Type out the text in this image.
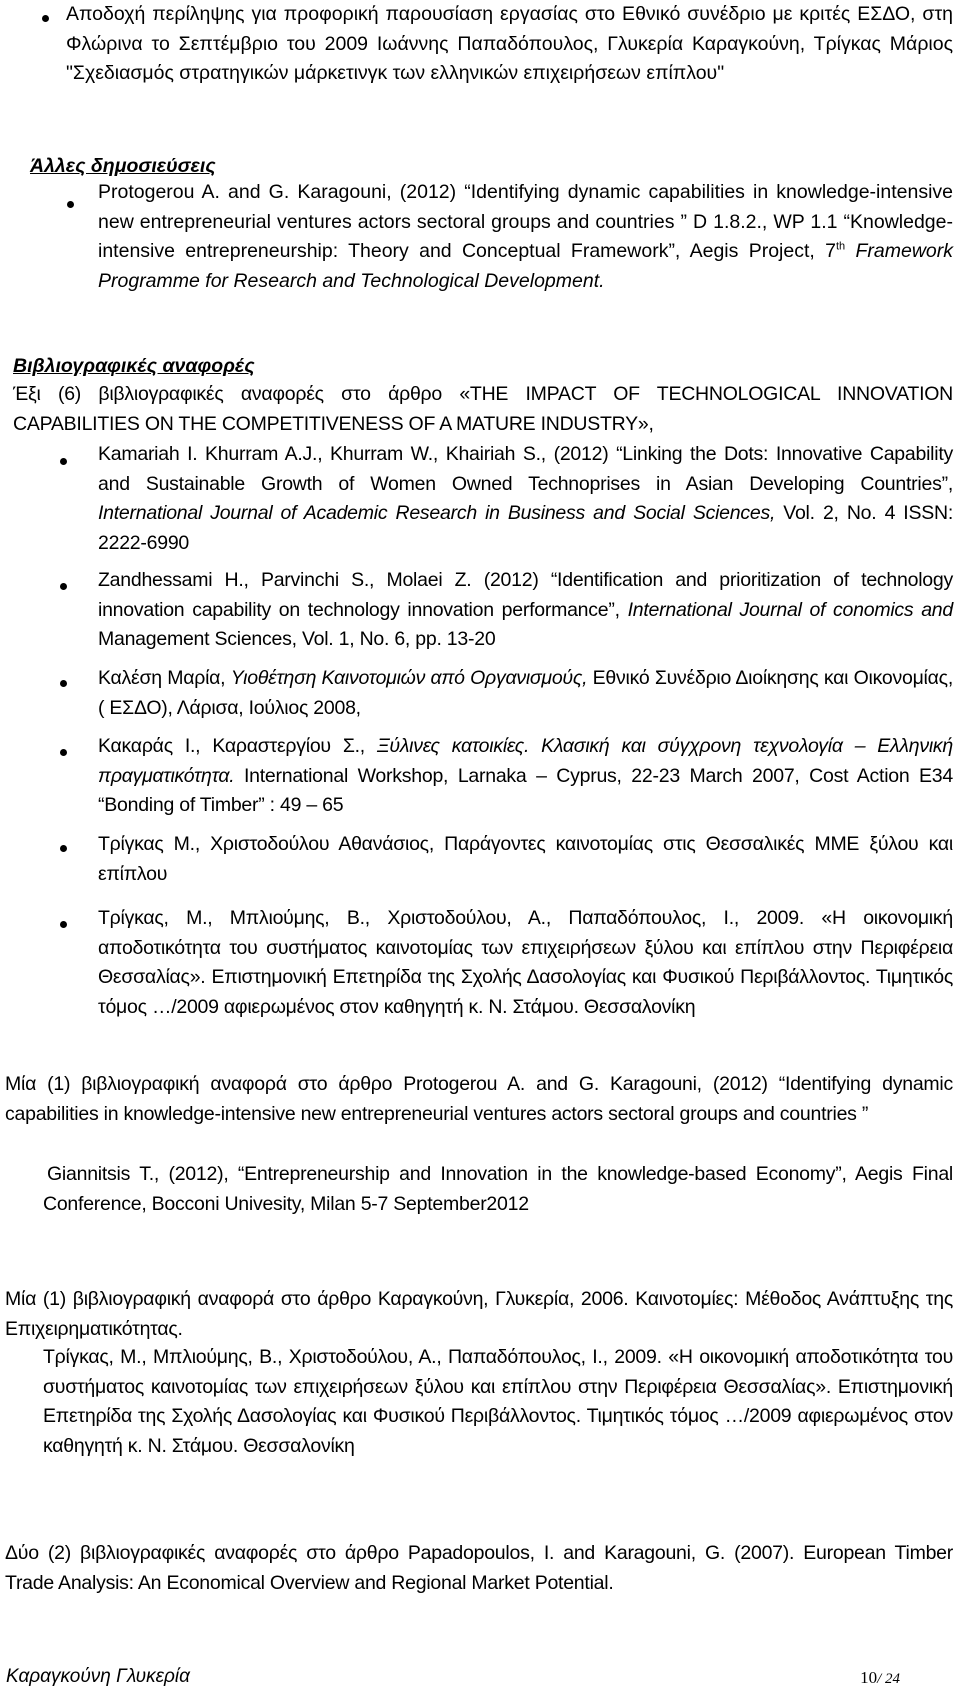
Αποδοχή περίληψης για προφορική παρουσίαση εργασίας στο Εθνικό συνέδριο με κριτές ΕΣΔΟ, στη Φλώρινα το Σεπτέμβριο του 2009 Ιωάννης Παπαδόπουλος, Γλυκερία Καραγκούνη, Τρίγκας Μάριος "Σχεδιασμός στρατηγικών μάρκετινγκ των ελληνικών επιχειρήσεων επίπλου"

Άλλες δημοσιεύσεις

Protogerou A. and G. Karagouni, (2012) “Identifying dynamic capabilities in knowledge-intensive new entrepreneurial ventures actors sectoral groups and countries ” D 1.8.2., WP 1.1 “Knowledge-intensive entrepreneurship: Theory and Conceptual Framework”, Aegis Project, 7th Framework Programme for Research and Technological Development.

Βιβλιογραφικές αναφορές

Έξι (6) βιβλιογραφικές αναφορές στο άρθρο «THE IMPACT OF TECHNOLOGICAL INNOVATION CAPABILITIES ON THE COMPETITIVENESS OF A MATURE INDUSTRY»,

Kamariah I. Khurram A.J., Khurram W., Khairiah S., (2012) “Linking the Dots: Innovative Capability and Sustainable Growth of Women Owned Technoprises in Asian Developing Countries”, International Journal of Academic Research in Business and Social Sciences, Vol. 2, No. 4 ISSN: 2222-6990

Zandhessami H., Parvinchi S., Molaei Z. (2012) “Identification and prioritization of technology innovation capability on technology innovation performance”, International Journal of conomics and Management Sciences, Vol. 1, No. 6, pp. 13-20

Καλέση Μαρία, Υιοθέτηση Καινοτομιών από Οργανισμούς, Εθνικό Συνέδριο Διοίκησης και Οικονομίας,( ΕΣΔΟ), Λάρισα, Ιούλιος 2008,

Κακαράς Ι., Καραστεργίου Σ., Ξύλινες κατοικίες. Κλασική και σύγχρονη τεχνολογία – Ελληνική πραγματικότητα. International Workshop, Larnaka – Cyprus, 22-23 March 2007, Cost Action E34 “Bonding of Timber” : 49 – 65

Τρίγκας Μ., Χριστοδούλου Αθανάσιος, Παράγοντες καινοτομίας στις Θεσσαλικές ΜΜΕ ξύλου και επίπλου

Τρίγκας, Μ., Μπλιούμης, Β., Χριστοδούλου, Α., Παπαδόπουλος, Ι., 2009. «Η οικονομική αποδοτικότητα του συστήματος καινοτομίας των επιχειρήσεων ξύλου και επίπλου στην Περιφέρεια Θεσσαλίας». Επιστημονική Επετηρίδα της Σχολής Δασολογίας και Φυσικού Περιβάλλοντος. Τιμητικός τόμος …/2009 αφιερωμένος στον καθηγητή κ. Ν. Στάμου. Θεσσαλονίκη

Μία (1) βιβλιογραφική αναφορά στο άρθρο Protogerou A. and G. Karagouni, (2012) “Identifying dynamic capabilities in knowledge-intensive new entrepreneurial ventures actors sectoral groups and countries ”

Giannitsis T., (2012), “Entrepreneurship and Innovation in the knowledge-based Economy”, Aegis Final Conference, Bocconi Univesity, Milan 5-7 September2012

Μία (1) βιβλιογραφική αναφορά στο άρθρο Καραγκούνη, Γλυκερία, 2006. Καινοτομίες: Μέθοδος Ανάπτυξης της Επιχειρηματικότητας.

Τρίγκας, Μ., Μπλιούμης, Β., Χριστοδούλου, Α., Παπαδόπουλος, Ι., 2009. «Η οικονομική αποδοτικότητα του συστήματος καινοτομίας των επιχειρήσεων ξύλου και επίπλου στην Περιφέρεια Θεσσαλίας». Επιστημονική Επετηρίδα της Σχολής Δασολογίας και Φυσικού Περιβάλλοντος. Τιμητικός τόμος …/2009 αφιερωμένος στον καθηγητή κ. Ν. Στάμου. Θεσσαλονίκη

Δύο (2) βιβλιογραφικές αναφορές στο άρθρο Papadopoulos, I. and Karagouni, G. (2007). European Timber Trade Analysis: An Economical Overview and Regional Market Potential.

Καραγκούνη Γλυκερία	10/ 24
